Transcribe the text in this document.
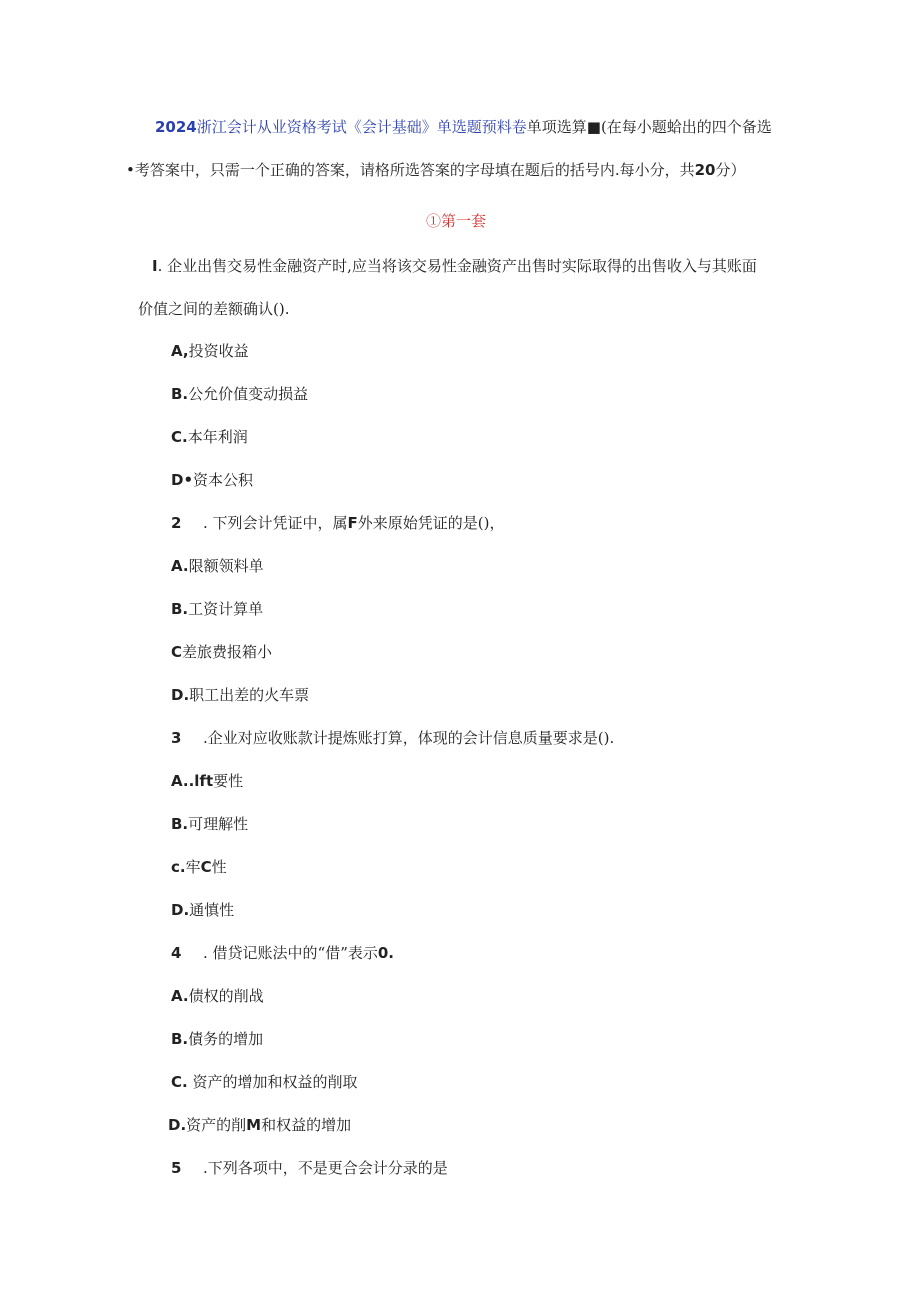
2024浙江会计从业资格考试《会计基础》单选题预料卷单项选算■(在每小题蛤出的四个备选
•考答案中，只需一个正确的答案，请格所选答案的字母填在题后的括号内.每小分，共20分）
①第一套
I. 企业出售交易性金融资产时,应当将该交易性金融资产出售时实际取得的出售收入与其账面
价值之间的差额确认().
A,投资收益
B.公允价值变动损益
C.本年利润
D•资本公积
2 . 下列会计凭证中，属F外来原始凭证的是()，
A.限额领料单
B.工资计算单
C差旅费报箱小
D.职工出差的火车票
3 .企业对应收账款计提炼账打算，体现的会计信息质量要求是().
A..lft要性
B.可理解性
c.牢C性
D.通慎性
4 . 借贷记账法中的“借”表示0.
A.债权的削战
B.債务的增加
C. 资产的增加和权益的削取
D.资产的削M和权益的增加
5 .下列各项中，不是更合会计分录的是
